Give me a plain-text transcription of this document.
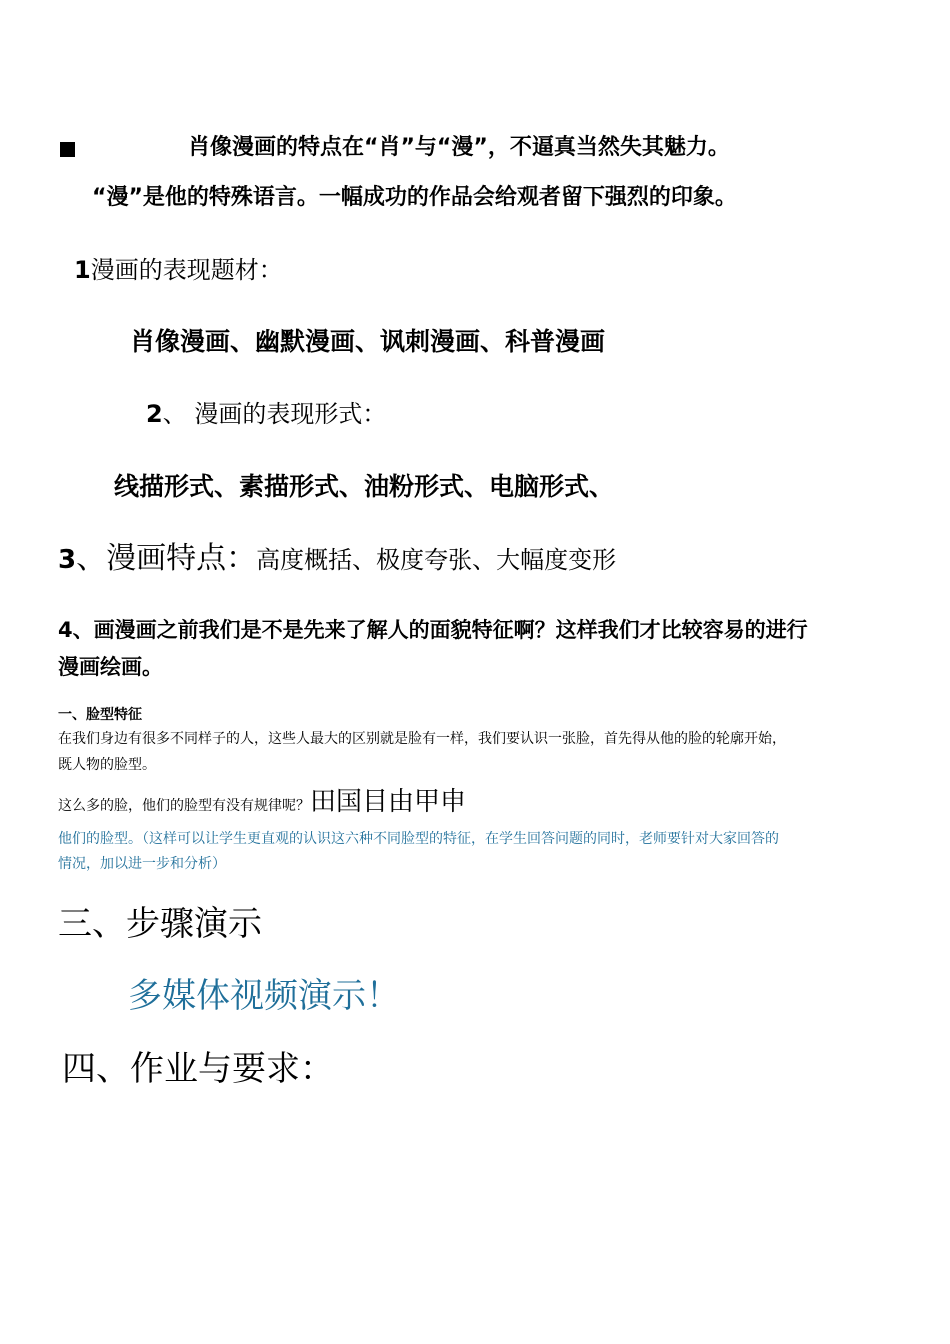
肖像漫画的特点在“肖”与“漫”，不逼真当然失其魅力。
“漫”是他的特殊语言。一幅成功的作品会给观者留下强烈的印象。
1漫画的表现题材：
肖像漫画、幽默漫画、讽刺漫画、科普漫画
2、 漫画的表现形式：
线描形式、素描形式、油粉形式、电脑形式、
3、漫画特点：高度概括、极度夸张、大幅度变形
4、画漫画之前我们是不是先来了解人的面貌特征啊？这样我们才比较容易的进行
漫画绘画。
一、脸型特征
在我们身边有很多不同样子的人，这些人最大的区别就是脸有一样，我们要认识一张脸，首先得从他的脸的轮廓开始，
既人物的脸型。
这么多的脸，他们的脸型有没有规律呢？田国目由甲申
他们的脸型。（这样可以让学生更直观的认识这六种不同脸型的特征，在学生回答问题的同时，老师要针对大家回答的
情况，加以进一步和分析）
三、步骤演示
多媒体视频演示！
四、作业与要求：
